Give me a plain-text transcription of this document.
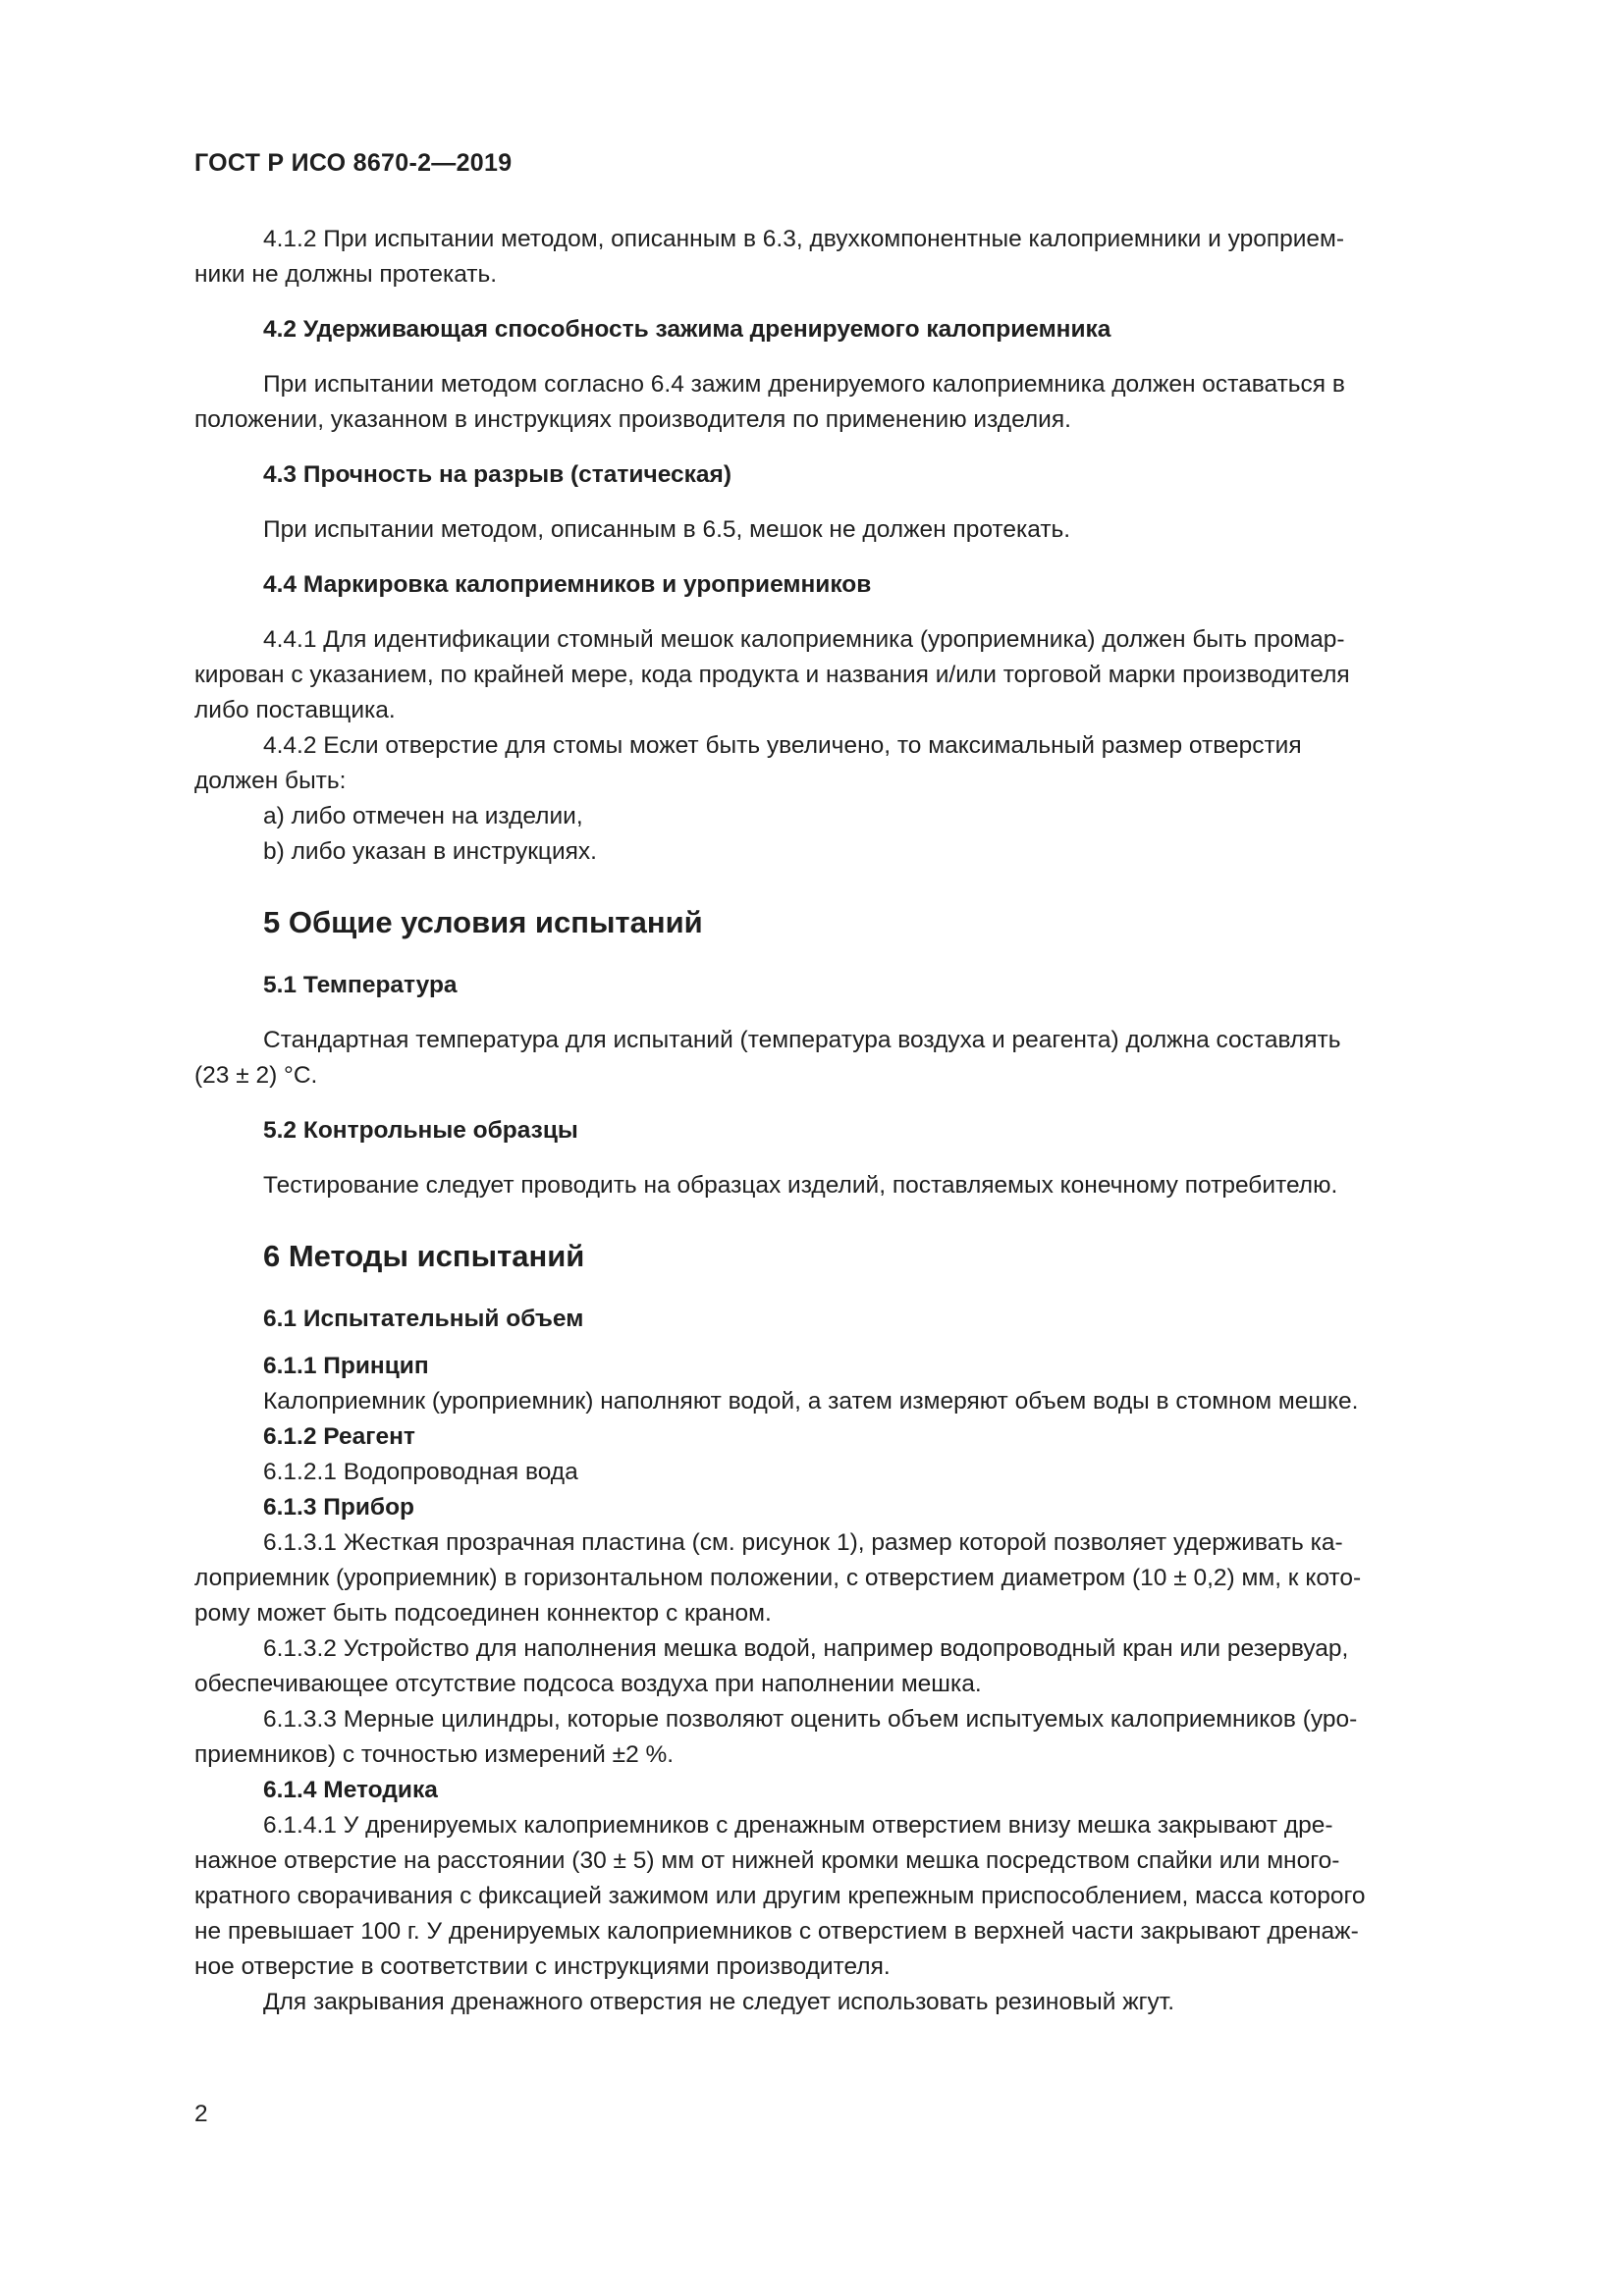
ГОСТ Р ИСО 8670-2—2019

4.1.2 При испытании методом, описанным в 6.3, двухкомпонентные калоприемники и уроприем-

ники не должны протекать.

4.2 Удерживающая способность зажима дренируемого калоприемника

При испытании методом согласно 6.4 зажим дренируемого калоприемника должен оставаться в

положении, указанном в инструкциях производителя по применению изделия.

4.3 Прочность на разрыв (статическая)

При испытании методом, описанным в 6.5, мешок не должен протекать.

4.4 Маркировка калоприемников и уроприемников

4.4.1 Для идентификации стомный мешок калоприемника (уроприемника) должен быть промар-

кирован с указанием, по крайней мере, кода продукта и названия и/или торговой марки производителя

либо поставщика.

4.4.2 Если отверстие для стомы может быть увеличено, то максимальный размер отверстия

должен быть:

a) либо отмечен на изделии,

b) либо указан в инструкциях.

5 Общие условия испытаний

5.1 Температура

Стандартная температура для испытаний (температура воздуха и реагента) должна составлять

(23 ± 2) °С.

5.2 Контрольные образцы

Тестирование следует проводить на образцах изделий, поставляемых конечному потребителю.

6 Методы испытаний

6.1 Испытательный объем

6.1.1 Принцип

Калоприемник (уроприемник) наполняют водой, а затем измеряют объем воды в стомном мешке.

6.1.2 Реагент

6.1.2.1 Водопроводная вода

6.1.3 Прибор

6.1.3.1 Жесткая прозрачная пластина (см. рисунок 1), размер которой позволяет удерживать ка-

лоприемник (уроприемник) в горизонтальном положении, с отверстием диаметром (10 ± 0,2) мм, к кото-

рому может быть подсоединен коннектор с краном.

6.1.3.2 Устройство для наполнения мешка водой, например водопроводный кран или резервуар,

обеспечивающее отсутствие подсоса воздуха при наполнении мешка.

6.1.3.3 Мерные цилиндры, которые позволяют оценить объем испытуемых калоприемников (уро-

приемников) с точностью измерений ±2 %.

6.1.4 Методика

6.1.4.1 У дренируемых калоприемников с дренажным отверстием внизу мешка закрывают дре-

нажное отверстие на расстоянии (30 ± 5) мм от нижней кромки мешка посредством спайки или много-

кратного сворачивания с фиксацией зажимом или другим крепежным приспособлением, масса которого

не превышает 100 г. У дренируемых калоприемников с отверстием в верхней части закрывают дренаж-

ное отверстие в соответствии с инструкциями производителя.

Для закрывания дренажного отверстия не следует использовать резиновый жгут.

2
